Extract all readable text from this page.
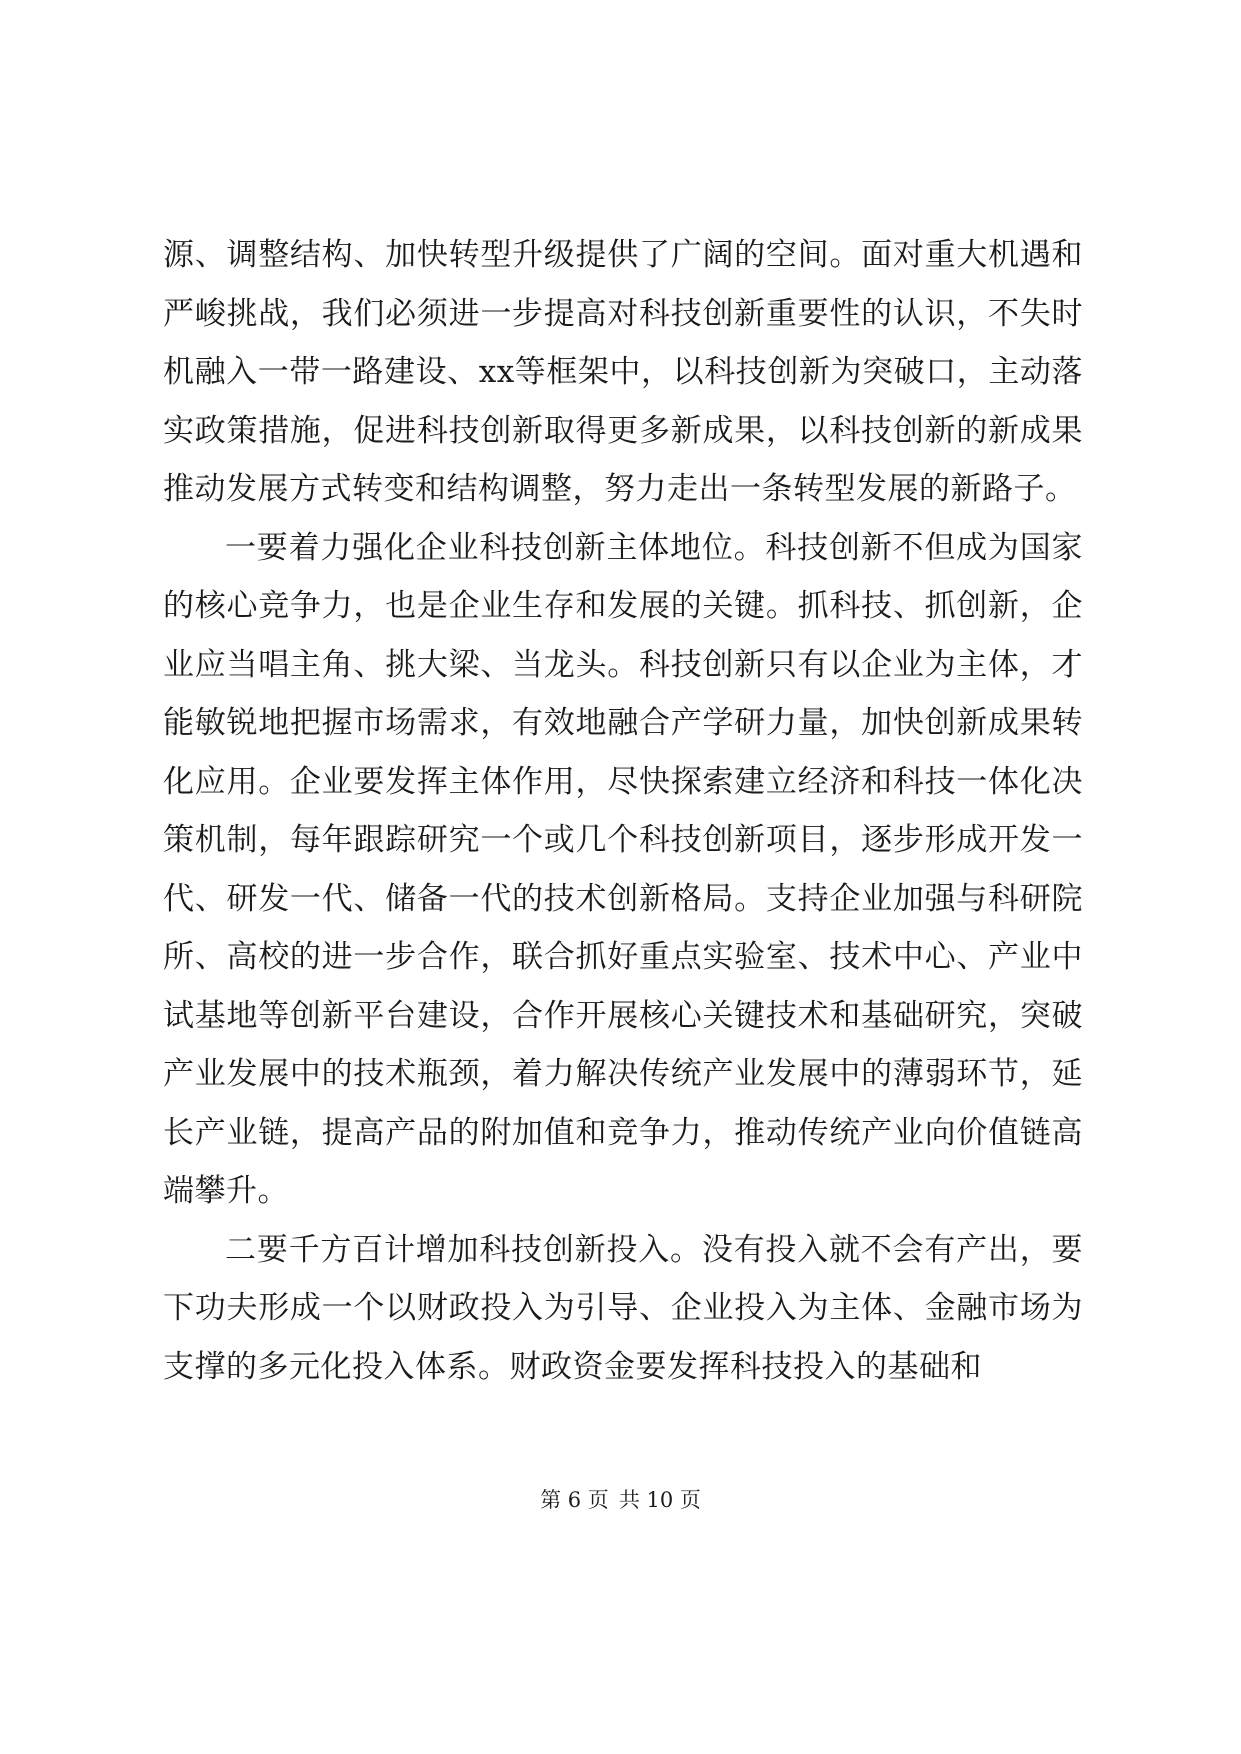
源、调整结构、加快转型升级提供了广阔的空间。面对重大机遇和严峻挑战，我们必须进一步提高对科技创新重要性的认识，不失时机融入一带一路建设、xx等框架中，以科技创新为突破口，主动落实政策措施，促进科技创新取得更多新成果，以科技创新的新成果推动发展方式转变和结构调整，努力走出一条转型发展的新路子。

一要着力强化企业科技创新主体地位。科技创新不但成为国家的核心竞争力，也是企业生存和发展的关键。抓科技、抓创新，企业应当唱主角、挑大梁、当龙头。科技创新只有以企业为主体，才能敏锐地把握市场需求，有效地融合产学研力量，加快创新成果转化应用。企业要发挥主体作用，尽快探索建立经济和科技一体化决策机制，每年跟踪研究一个或几个科技创新项目，逐步形成开发一代、研发一代、储备一代的技术创新格局。支持企业加强与科研院所、高校的进一步合作，联合抓好重点实验室、技术中心、产业中试基地等创新平台建设，合作开展核心关键技术和基础研究，突破产业发展中的技术瓶颈，着力解决传统产业发展中的薄弱环节，延长产业链，提高产品的附加值和竞争力，推动传统产业向价值链高端攀升。

二要千方百计增加科技创新投入。没有投入就不会有产出，要下功夫形成一个以财政投入为引导、企业投入为主体、金融市场为支撑的多元化投入体系。财政资金要发挥科技投入的基础和

第 6 页 共 10 页
